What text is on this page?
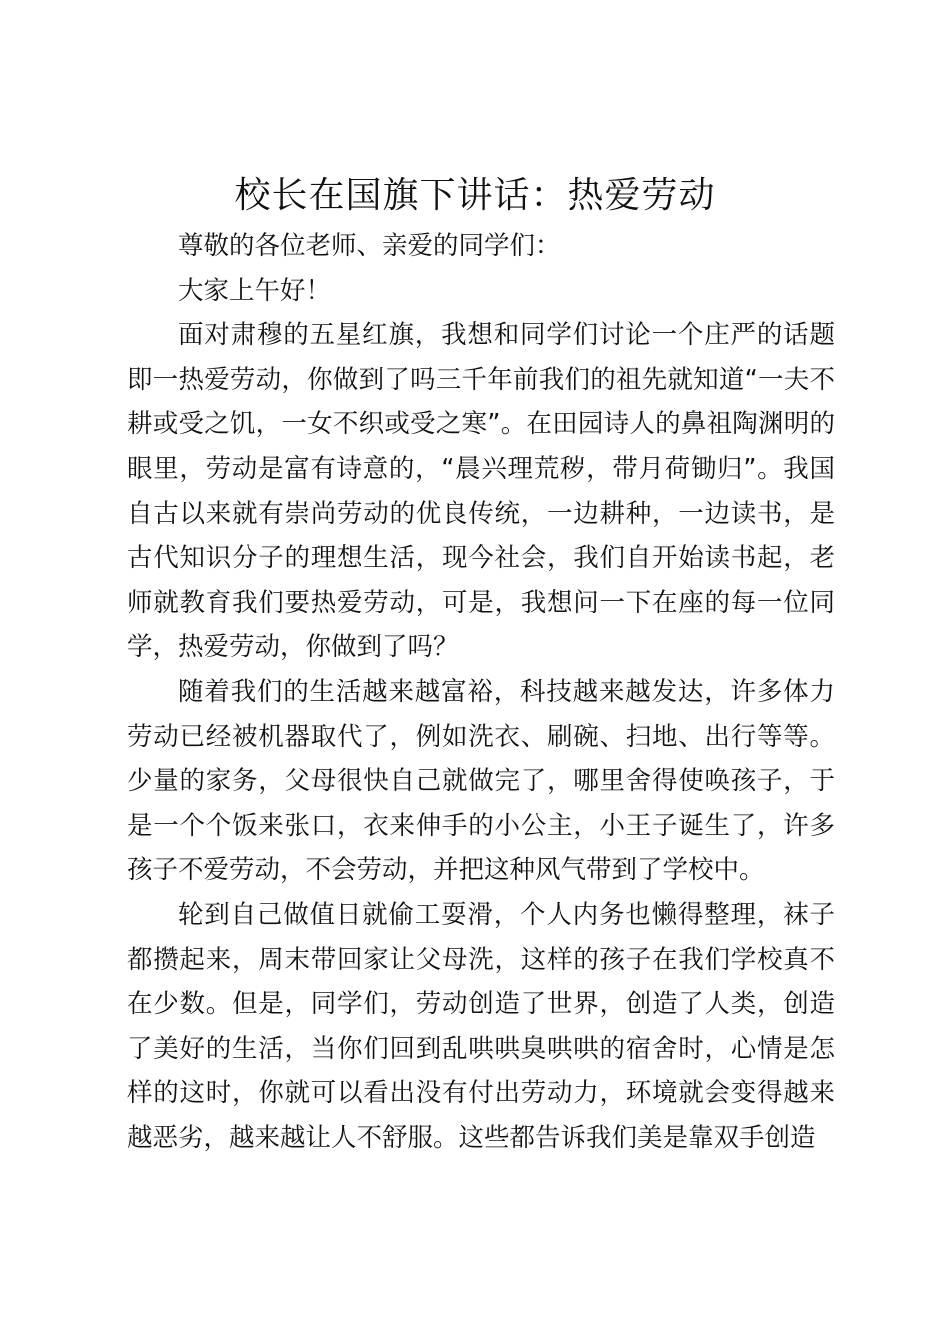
校长在国旗下讲话：热爱劳动

尊敬的各位老师、亲爱的同学们：

大家上午好！

面对肃穆的五星红旗，我想和同学们讨论一个庄严的话题即一热爱劳动，你做到了吗三千年前我们的祖先就知道“一夫不耕或受之饥，一女不织或受之寒”。在田园诗人的鼻祖陶渊明的眼里，劳动是富有诗意的，“晨兴理荒秽，带月荷锄归”。我国自古以来就有崇尚劳动的优良传统，一边耕种，一边读书，是古代知识分子的理想生活，现今社会，我们自开始读书起，老师就教育我们要热爱劳动，可是，我想问一下在座的每一位同学，热爱劳动，你做到了吗？

随着我们的生活越来越富裕，科技越来越发达，许多体力劳动已经被机器取代了，例如洗衣、刷碗、扫地、出行等等。少量的家务，父母很快自己就做完了，哪里舍得使唤孩子，于是一个个饭来张口，衣来伸手的小公主，小王子诞生了，许多孩子不爱劳动，不会劳动，并把这种风气带到了学校中。

轮到自己做值日就偷工耍滑，个人内务也懒得整理，袜子都攒起来，周末带回家让父母洗，这样的孩子在我们学校真不在少数。但是，同学们，劳动创造了世界，创造了人类，创造了美好的生活，当你们回到乱哄哄臭哄哄的宿舍时，心情是怎样的这时，你就可以看出没有付出劳动力，环境就会变得越来越恶劣，越来越让人不舒服。这些都告诉我们美是靠双手创造
